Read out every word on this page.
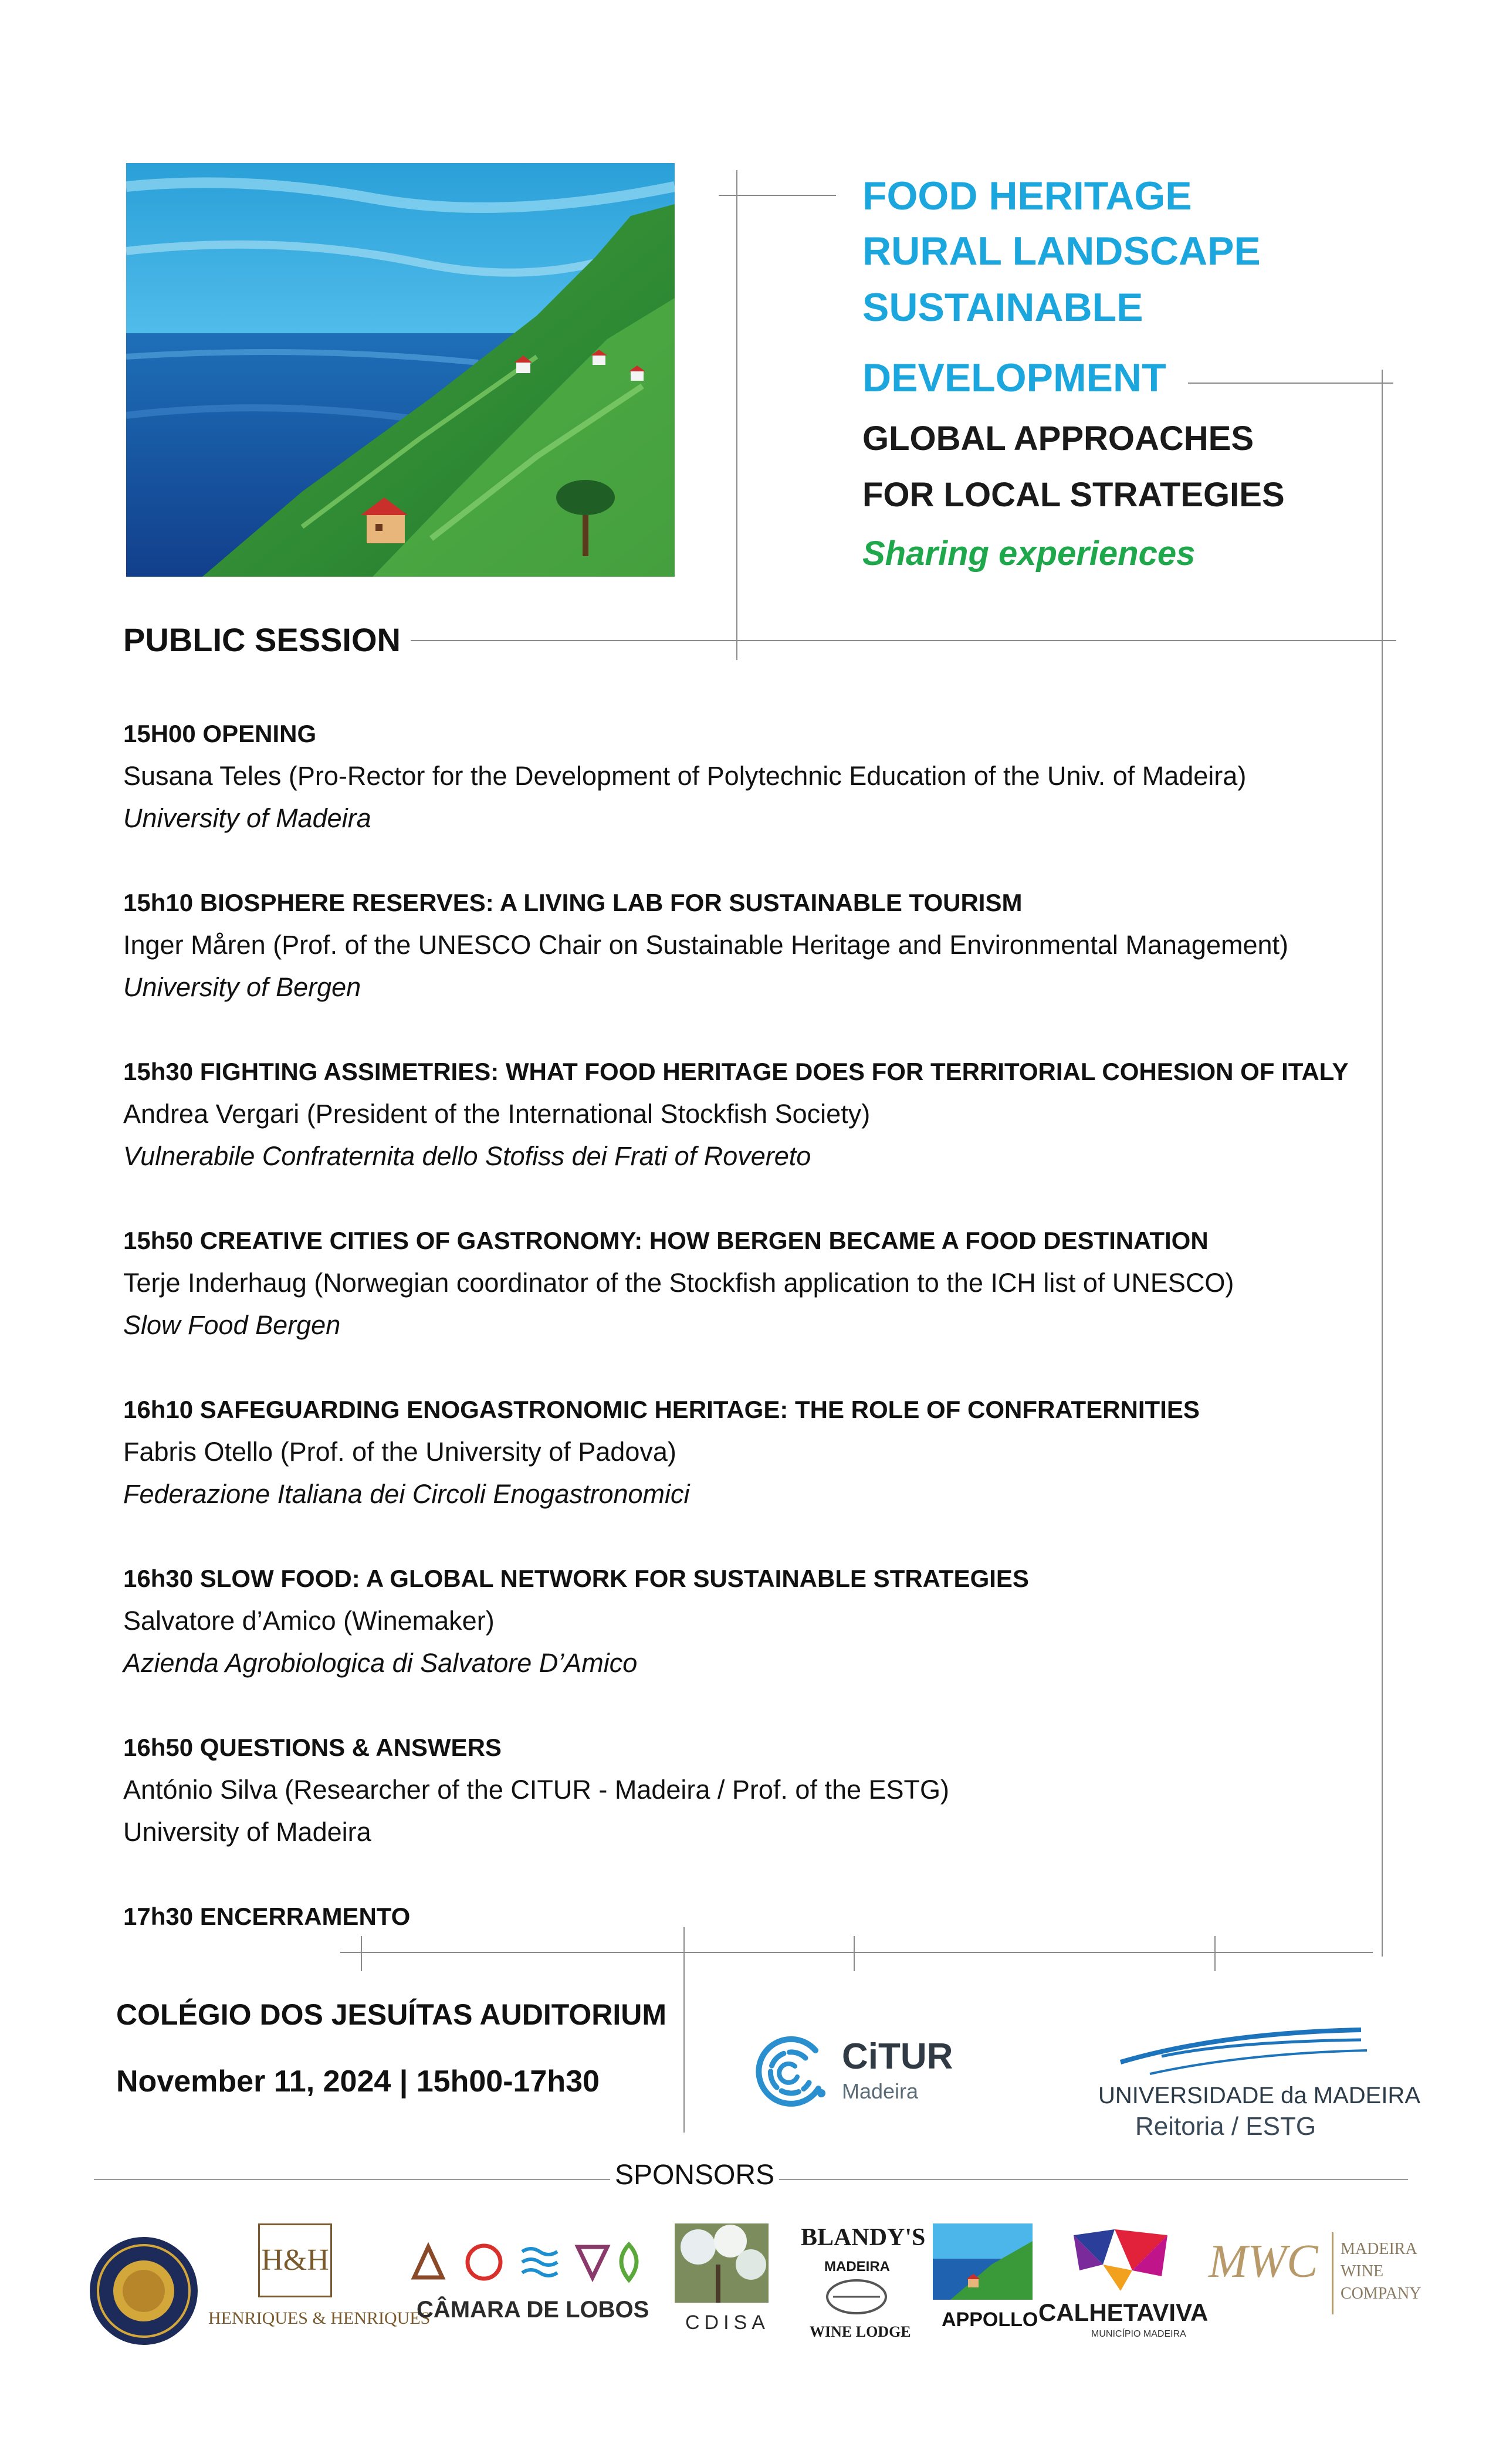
FOOD HERITAGE
RURAL LANDSCAPE
SUSTAINABLE
DEVELOPMENT
GLOBAL APPROACHES
FOR LOCAL STRATEGIES
Sharing experiences
PUBLIC SESSION
15H00 OPENING
Susana Teles (Pro-Rector for the Development of Polytechnic Education of the Univ. of Madeira)
University of Madeira
15h10 BIOSPHERE RESERVES: A LIVING LAB FOR SUSTAINABLE TOURISM
Inger Måren (Prof. of the UNESCO Chair on Sustainable Heritage and Environmental Management)
University of Bergen
15h30 FIGHTING ASSIMETRIES: WHAT FOOD HERITAGE DOES FOR TERRITORIAL COHESION OF ITALY
Andrea Vergari (President of the International Stockfish Society)
Vulnerabile Confraternita dello Stofiss dei Frati of Rovereto
15h50 CREATIVE CITIES OF GASTRONOMY: HOW BERGEN BECAME A FOOD DESTINATION
Terje Inderhaug (Norwegian coordinator of the Stockfish application to the ICH list of UNESCO)
Slow Food Bergen
16h10 SAFEGUARDING ENOGASTRONOMIC HERITAGE: THE ROLE OF CONFRATERNITIES
Fabris Otello (Prof. of the University of Padova)
Federazione Italiana dei Circoli Enogastronomici
16h30 SLOW FOOD: A GLOBAL NETWORK FOR SUSTAINABLE STRATEGIES
Salvatore d’Amico (Winemaker)
Azienda Agrobiologica di Salvatore D’Amico
16h50 QUESTIONS & ANSWERS
António Silva (Researcher of the CITUR - Madeira / Prof. of the ESTG)
University of Madeira
17h30 ENCERRAMENTO
COLÉGIO DOS JESUÍTAS AUDITORIUM
November 11, 2024 | 15h00-17h30
CiTUR
Madeira	UNIVERSIDADE da MADEIRA
Reitoria / ESTG
SPONSORS
H&H
HENRIQUES & HENRIQUES
CÂMARA DE LOBOS CDISA
BLANDY'S
MADEIRA
WINE LODGE
APPOLLO CALHETAVIVA
MUNICÍPIO MADEIRA
MWC MADEIRA WINE COMPANY
